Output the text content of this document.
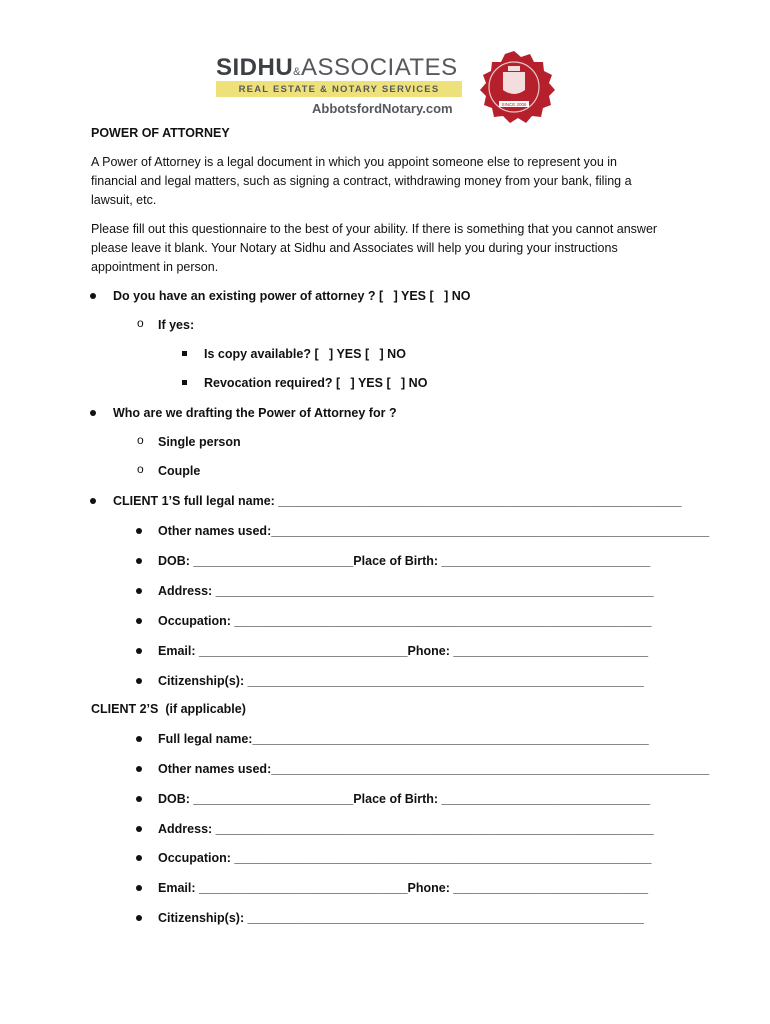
SIDHU&ASSOCIATES
REAL ESTATE & NOTARY SERVICES
AbbotsfordNotary.com	SINCE 2006
POWER OF ATTORNEY
A Power of Attorney is a legal document in which you appoint someone else to represent you in
financial and legal matters, such as signing a contract, withdrawing money from your bank, filing a
lawsuit, etc.
Please fill out this questionnaire to the best of your ability. If there is something that you cannot answer
please leave it blank. Your Notary at Sidhu and Associates will help you during your instructions
appointment in person.
Do you have an existing power of attorney ? [   ] YES [   ] NO
o If yes:
Is copy available? [   ] YES [   ] NO
Revocation required? [   ] YES [   ] NO
Who are we drafting the Power of Attorney for ?
o Single person
o Couple
CLIENT 1’S full legal name: __________________________________________________________
Other names used:_______________________________________________________________
DOB: _______________________Place of Birth: ______________________________
Address: _______________________________________________________________
Occupation: ____________________________________________________________
Email: ______________________________Phone: ____________________________
Citizenship(s): _________________________________________________________
CLIENT 2’S  (if applicable)
Full legal name:_________________________________________________________
Other names used:_______________________________________________________________
DOB: _______________________Place of Birth: ______________________________
Address: _______________________________________________________________
Occupation: ____________________________________________________________
Email: ______________________________Phone: ____________________________
Citizenship(s): _________________________________________________________
